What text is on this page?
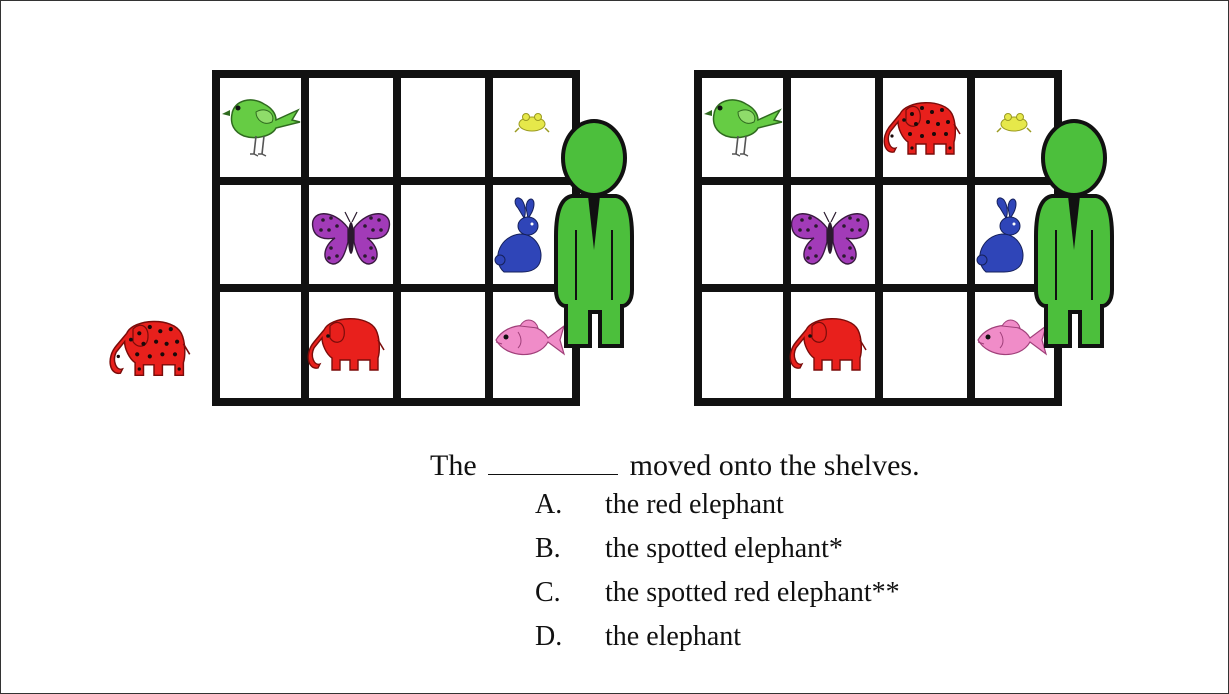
The	moved onto the shelves.
A. the red elephant
B. the spotted elephant*
C. the spotted red elephant**
D. the elephant
